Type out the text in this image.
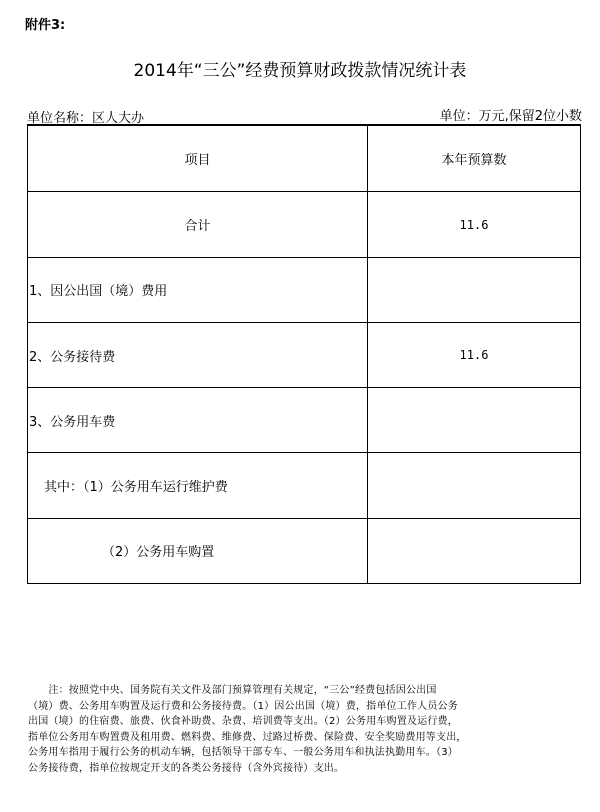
附件3:
2014年“三公”经费预算财政拨款情况统计表
单位名称：区人大办	单位：万元,保留2位小数
项目	本年预算数
合计	11.6
1、因公出国（境）费用	
2、公务接待费	11.6
3、公务用车费	
其中：（1）公务用车运行维护费	
（2）公务用车购置	
　　注：按照党中央、国务院有关文件及部门预算管理有关规定，“三公”经费包括因公出国
（境）费、公务用车购置及运行费和公务接待费。（1）因公出国（境）费，指单位工作人员公务
出国（境）的住宿费、旅费、伙食补助费、杂费、培训费等支出。（2）公务用车购置及运行费，
指单位公务用车购置费及租用费、燃料费、维修费、过路过桥费、保险费、安全奖励费用等支出，
公务用车指用于履行公务的机动车辆，包括领导干部专车、一般公务用车和执法执勤用车。（3）
公务接待费，指单位按规定开支的各类公务接待（含外宾接待）支出。
